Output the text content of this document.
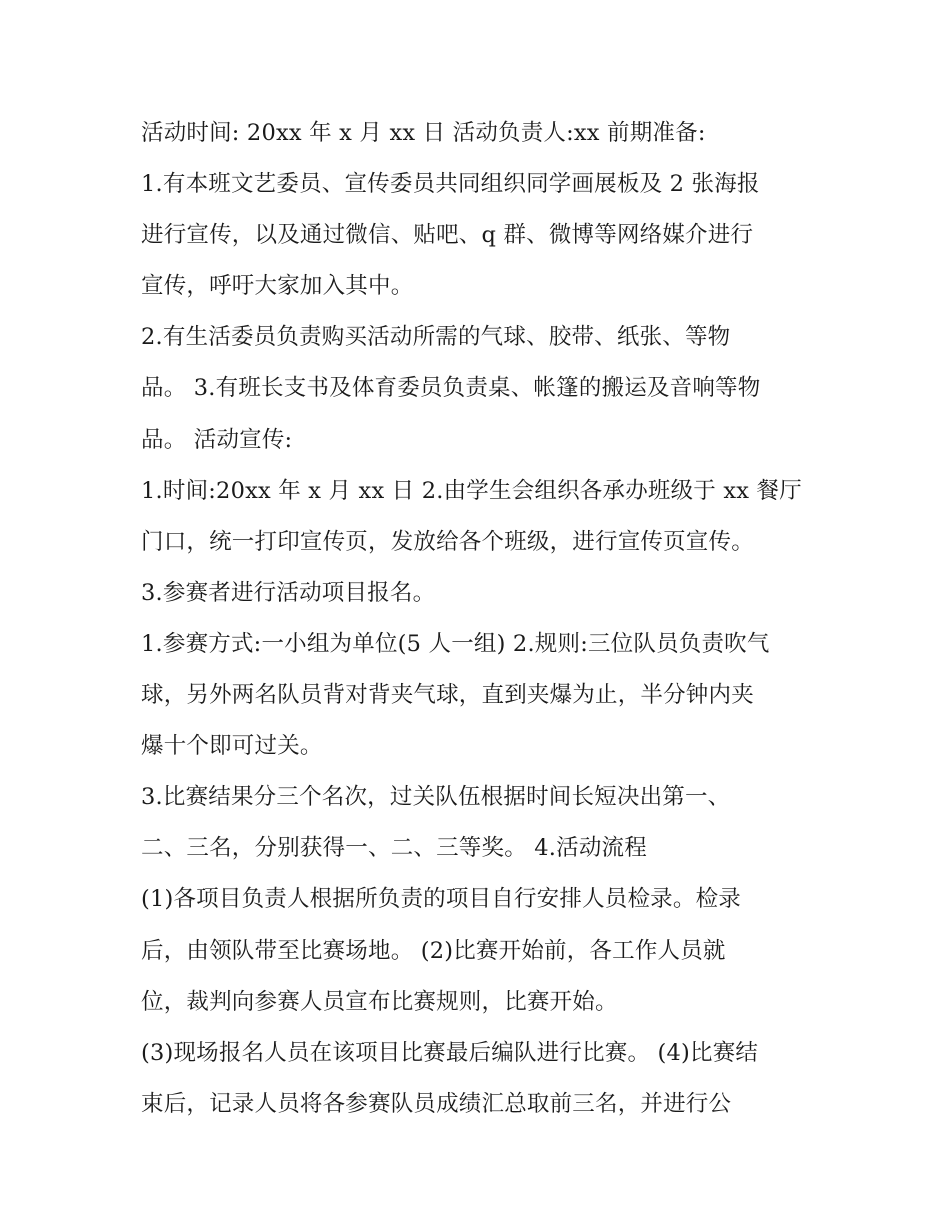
活动时间: 20xx 年 x 月 xx 日 活动负责人:xx 前期准备:
1.有本班文艺委员、宣传委员共同组织同学画展板及 2 张海报
进行宣传，以及通过微信、贴吧、q 群、微博等网络媒介进行
宣传，呼吁大家加入其中。
2.有生活委员负责购买活动所需的气球、胶带、纸张、等物
品。 3.有班长支书及体育委员负责桌、帐篷的搬运及音响等物
品。 活动宣传:
1.时间:20xx 年 x 月 xx 日 2.由学生会组织各承办班级于 xx 餐厅
门口，统一打印宣传页，发放给各个班级，进行宣传页宣传。
3.参赛者进行活动项目报名。
1.参赛方式:一小组为单位(5 人一组) 2.规则:三位队员负责吹气
球，另外两名队员背对背夹气球，直到夹爆为止，半分钟内夹
爆十个即可过关。
3.比赛结果分三个名次，过关队伍根据时间长短决出第一、
二、三名，分别获得一、二、三等奖。 4.活动流程
(1)各项目负责人根据所负责的项目自行安排人员检录。检录
后，由领队带至比赛场地。 (2)比赛开始前，各工作人员就
位，裁判向参赛人员宣布比赛规则，比赛开始。
(3)现场报名人员在该项目比赛最后编队进行比赛。 (4)比赛结
束后，记录人员将各参赛队员成绩汇总取前三名，并进行公
